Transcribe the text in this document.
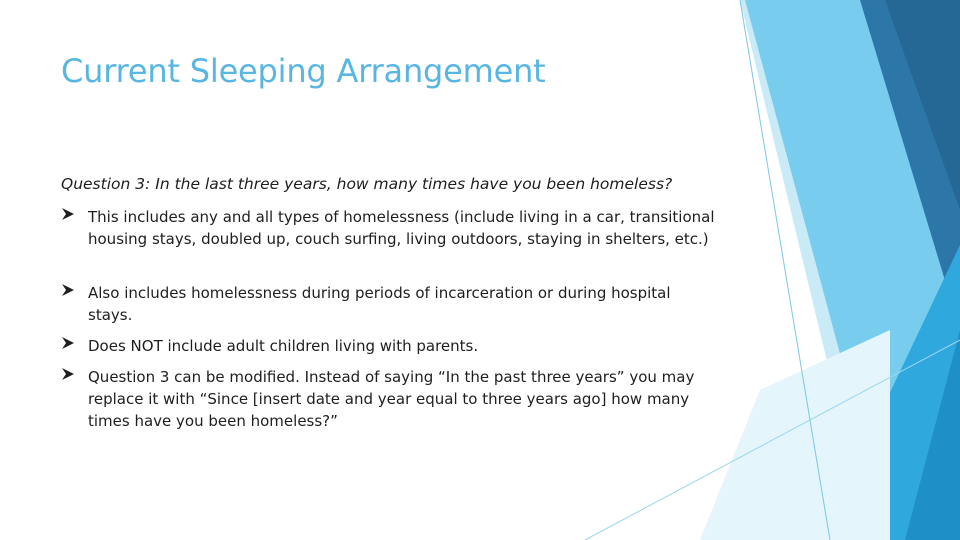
Current Sleeping Arrangement
Question 3: In the last three years, how many times have you been homeless?
This includes any and all types of homelessness (include living in a car, transitional housing stays, doubled up, couch surfing, living outdoors, staying in shelters, etc.)
Also includes homelessness during periods of incarceration or during hospital stays.
Does NOT include adult children living with parents.
Question 3 can be modified. Instead of saying “In the past three years” you may replace it with “Since [insert date and year equal to three years ago] how many times have you been homeless?”
